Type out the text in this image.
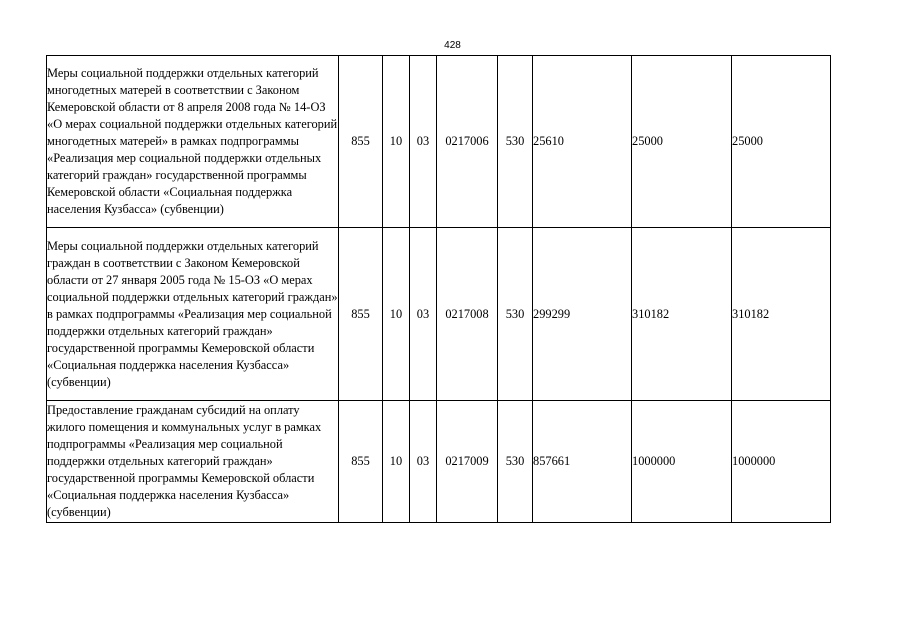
428
Меры социальной поддержки отдельных категорий многодетных матерей в соответствии с Законом Кемеровской области от 8 апреля 2008 года № 14-ОЗ «О мерах социальной поддержки отдельных категорий многодетных матерей» в рамках подпрограммы «Реализация мер социальной поддержки отдельных категорий граждан» государственной программы Кемеровской области «Социальная поддержка населения Кузбасса» (субвенции)	855	10	03	0217006	530	25610	25000	25000
Меры социальной поддержки отдельных категорий граждан в соответствии с Законом Кемеровской области от 27 января 2005 года № 15-ОЗ «О мерах социальной поддержки отдельных категорий граждан» в рамках подпрограммы «Реализация мер социальной поддержки отдельных категорий граждан» государственной программы Кемеровской области «Социальная поддержка населения Кузбасса» (субвенции)	855	10	03	0217008	530	299299	310182	310182
Предоставление гражданам субсидий на оплату жилого помещения и коммунальных услуг в рамках подпрограммы «Реализация мер социальной поддержки отдельных категорий граждан» государственной программы Кемеровской области «Социальная поддержка населения Кузбасса» (субвенции)	855	10	03	0217009	530	857661	1000000	1000000
